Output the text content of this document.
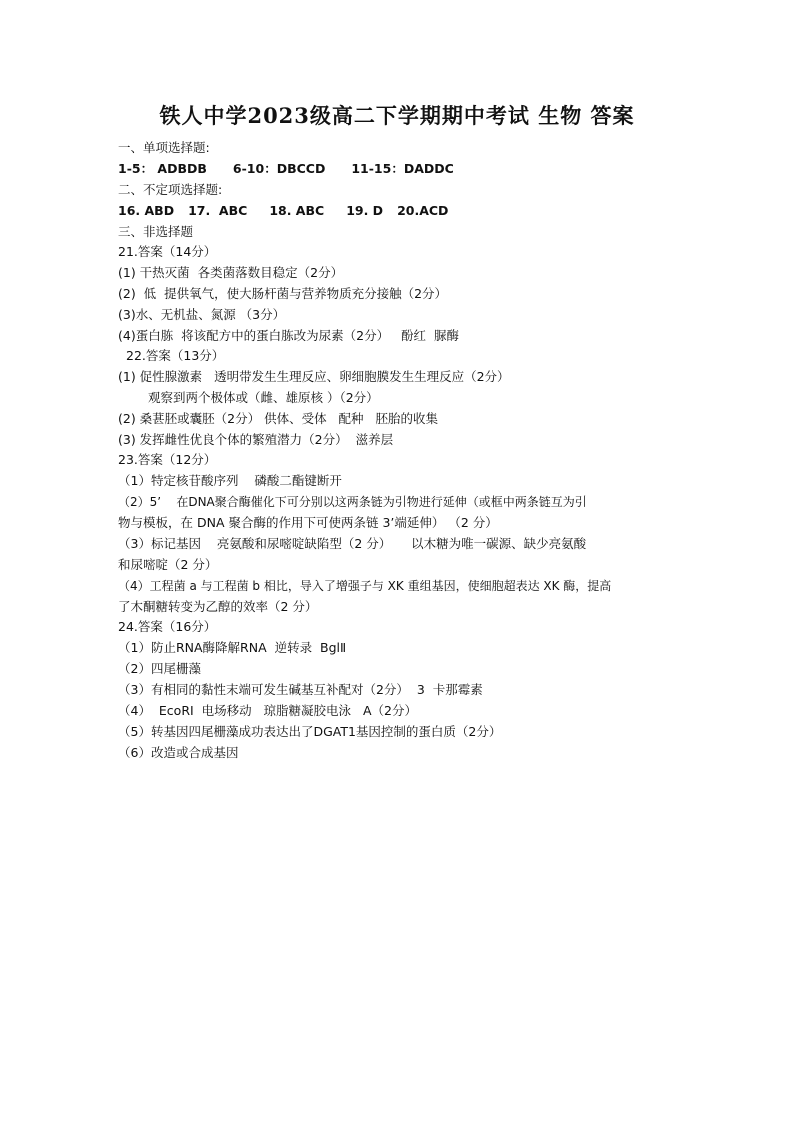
铁人中学2023级高二下学期期中考试 生物 答案
一、单项选择题:
1-5： ADBDB 6-10：DBCCD 11-15：DADDC
二、不定项选择题:
16. ABD 17.  ABC 18. ABC 19. D 20.ACD
三、非选择题
21.答案（14分）
(1) 干热灭菌  各类菌落数目稳定（2分）
(2)  低  提供氧气，使大肠杆菌与营养物质充分接触（2分）
(3)水、无机盐、氮源 （3分）
(4)蛋白胨  将该配方中的蛋白胨改为尿素（2分）   酚红  脲酶
22.答案（13分）
(1) 促性腺激素   透明带发生生理反应、卵细胞膜发生生理反应（2分）
观察到两个极体或（雌、雄原核 ）（2分）
(2) 桑葚胚或囊胚（2分） 供体、受体   配种   胚胎的收集
(3) 发挥雌性优良个体的繁殖潜力（2分）  滋养层
23.答案（12分）
（1）特定核苷酸序列    磷酸二酯键断开
（2）5’    在DNA聚合酶催化下可分别以这两条链为引物进行延伸（或框中两条链互为引
物与模板，在 DNA 聚合酶的作用下可使两条链 3’端延伸） （2 分）
（3）标记基因    亮氨酸和尿嘧啶缺陷型（2 分）     以木糖为唯一碳源、缺少亮氨酸
和尿嘧啶（2 分）
（4）工程菌 a 与工程菌 b 相比，导入了增强子与 XK 重组基因，使细胞超表达 XK 酶，提高
了木酮糖转变为乙醇的效率（2 分）
24.答案（16分）
（1）防止RNA酶降解RNA  逆转录  BglⅡ
（2）四尾栅藻
（3）有相同的黏性末端可发生碱基互补配对（2分）  3  卡那霉素
（4）  EcoRI  电场移动   琼脂糖凝胶电泳   A（2分）
（5）转基因四尾栅藻成功表达出了DGAT1基因控制的蛋白质（2分）
（6）改造或合成基因
